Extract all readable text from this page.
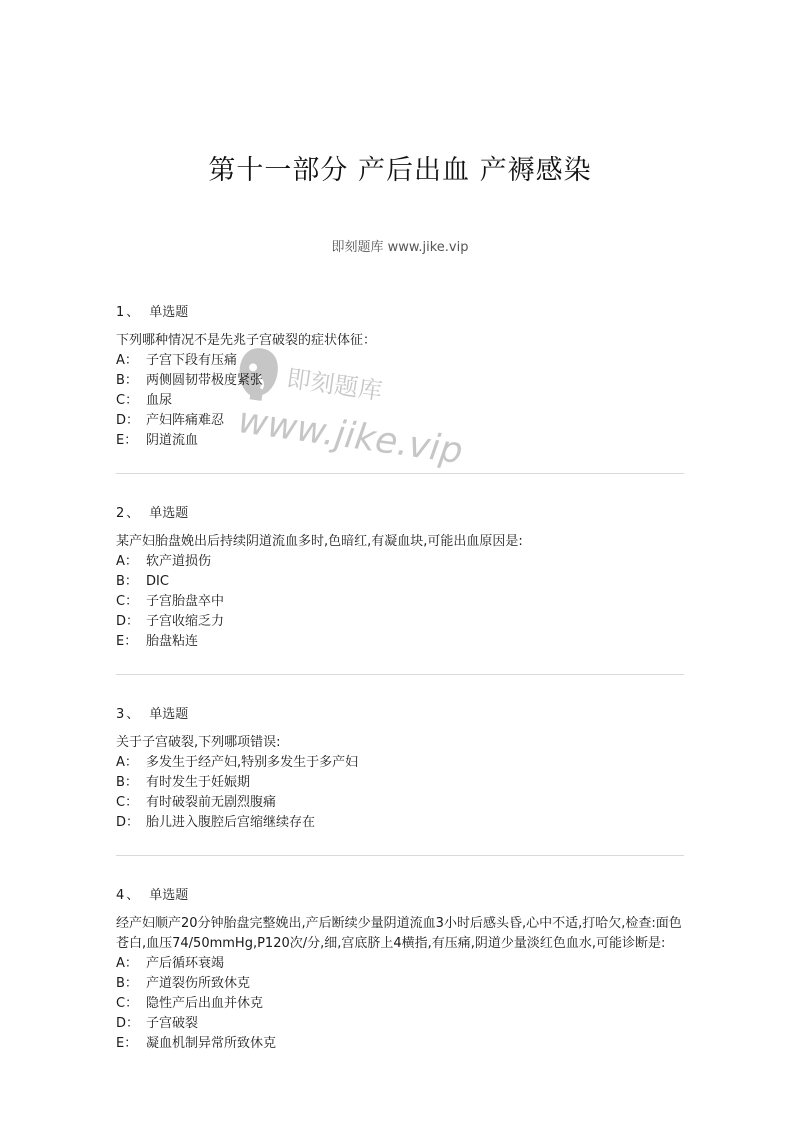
第十一部分 产后出血 产褥感染
即刻题库 www.jike.vip
1 、 单选题

下列哪种情况不是先兆子宫破裂的症状体征：

A： 子宫下段有压痛
B： 两侧圆韧带极度紧张
C： 血尿
D： 产妇阵痛难忍
E： 阴道流血
2 、 单选题

某产妇胎盘娩出后持续阴道流血多时,色暗红,有凝血块,可能出血原因是:

A： 软产道损伤
B： DIC
C： 子宫胎盘卒中
D： 子宫收缩乏力
E： 胎盘粘连
3 、 单选题

关于子宫破裂,下列哪项错误:

A： 多发生于经产妇,特别多发生于多产妇
B： 有时发生于妊娠期
C： 有时破裂前无剧烈腹痛
D： 胎儿进入腹腔后宫缩继续存在
4 、 单选题

经产妇顺产20分钟胎盘完整娩出,产后断续少量阴道流血3小时后感头昏,心中不适,打哈欠,检查:面色苍白,血压74/50mmHg,P120次/分,细,宫底脐上4横指,有压痛,阴道少量淡红色血水,可能诊断是:

A： 产后循环衰竭
B： 产道裂伤所致休克
C： 隐性产后出血并休克
D： 子宫破裂
E： 凝血机制异常所致休克
即刻题库
www.jike.vip
